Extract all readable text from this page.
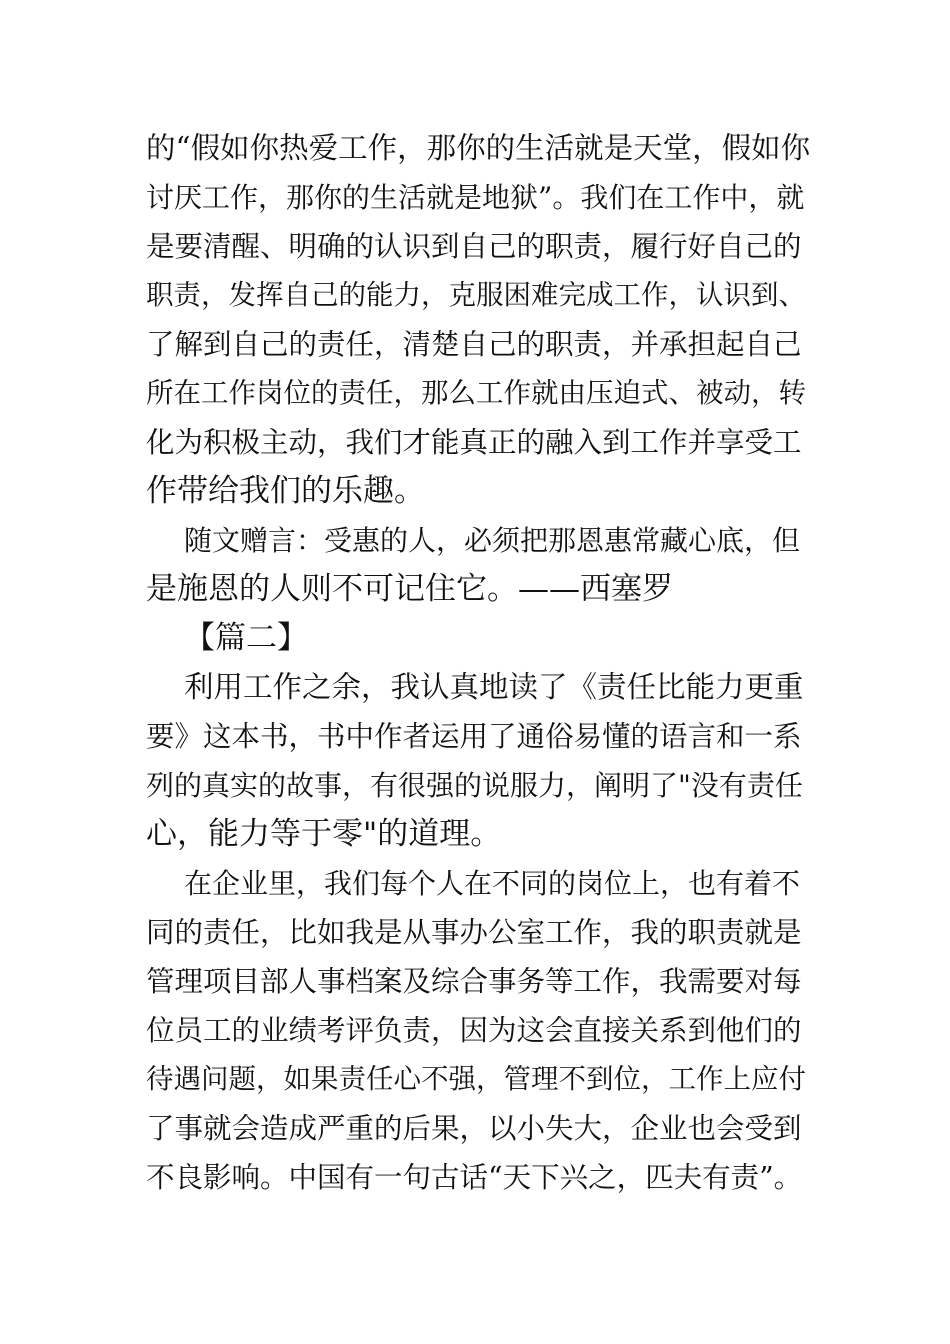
的“假如你热爱工作，那你的生活就是天堂，假如你
讨厌工作，那你的生活就是地狱”。我们在工作中，就
是要清醒、明确的认识到自己的职责，履行好自己的
职责，发挥自己的能力，克服困难完成工作，认识到、
了解到自己的责任，清楚自己的职责，并承担起自己
所在工作岗位的责任，那么工作就由压迫式、被动，转
化为积极主动，我们才能真正的融入到工作并享受工
作带给我们的乐趣。
随文赠言：受惠的人，必须把那恩惠常藏心底，但
是施恩的人则不可记住它。——西塞罗
【篇二】
利用工作之余，我认真地读了《责任比能力更重
要》这本书，书中作者运用了通俗易懂的语言和一系
列的真实的故事，有很强的说服力，阐明了"没有责任
心，能力等于零"的道理。
在企业里，我们每个人在不同的岗位上，也有着不
同的责任，比如我是从事办公室工作，我的职责就是
管理项目部人事档案及综合事务等工作，我需要对每
位员工的业绩考评负责，因为这会直接关系到他们的
待遇问题，如果责任心不强，管理不到位，工作上应付
了事就会造成严重的后果，以小失大，企业也会受到
不良影响。中国有一句古话“天下兴之，匹夫有责”。
